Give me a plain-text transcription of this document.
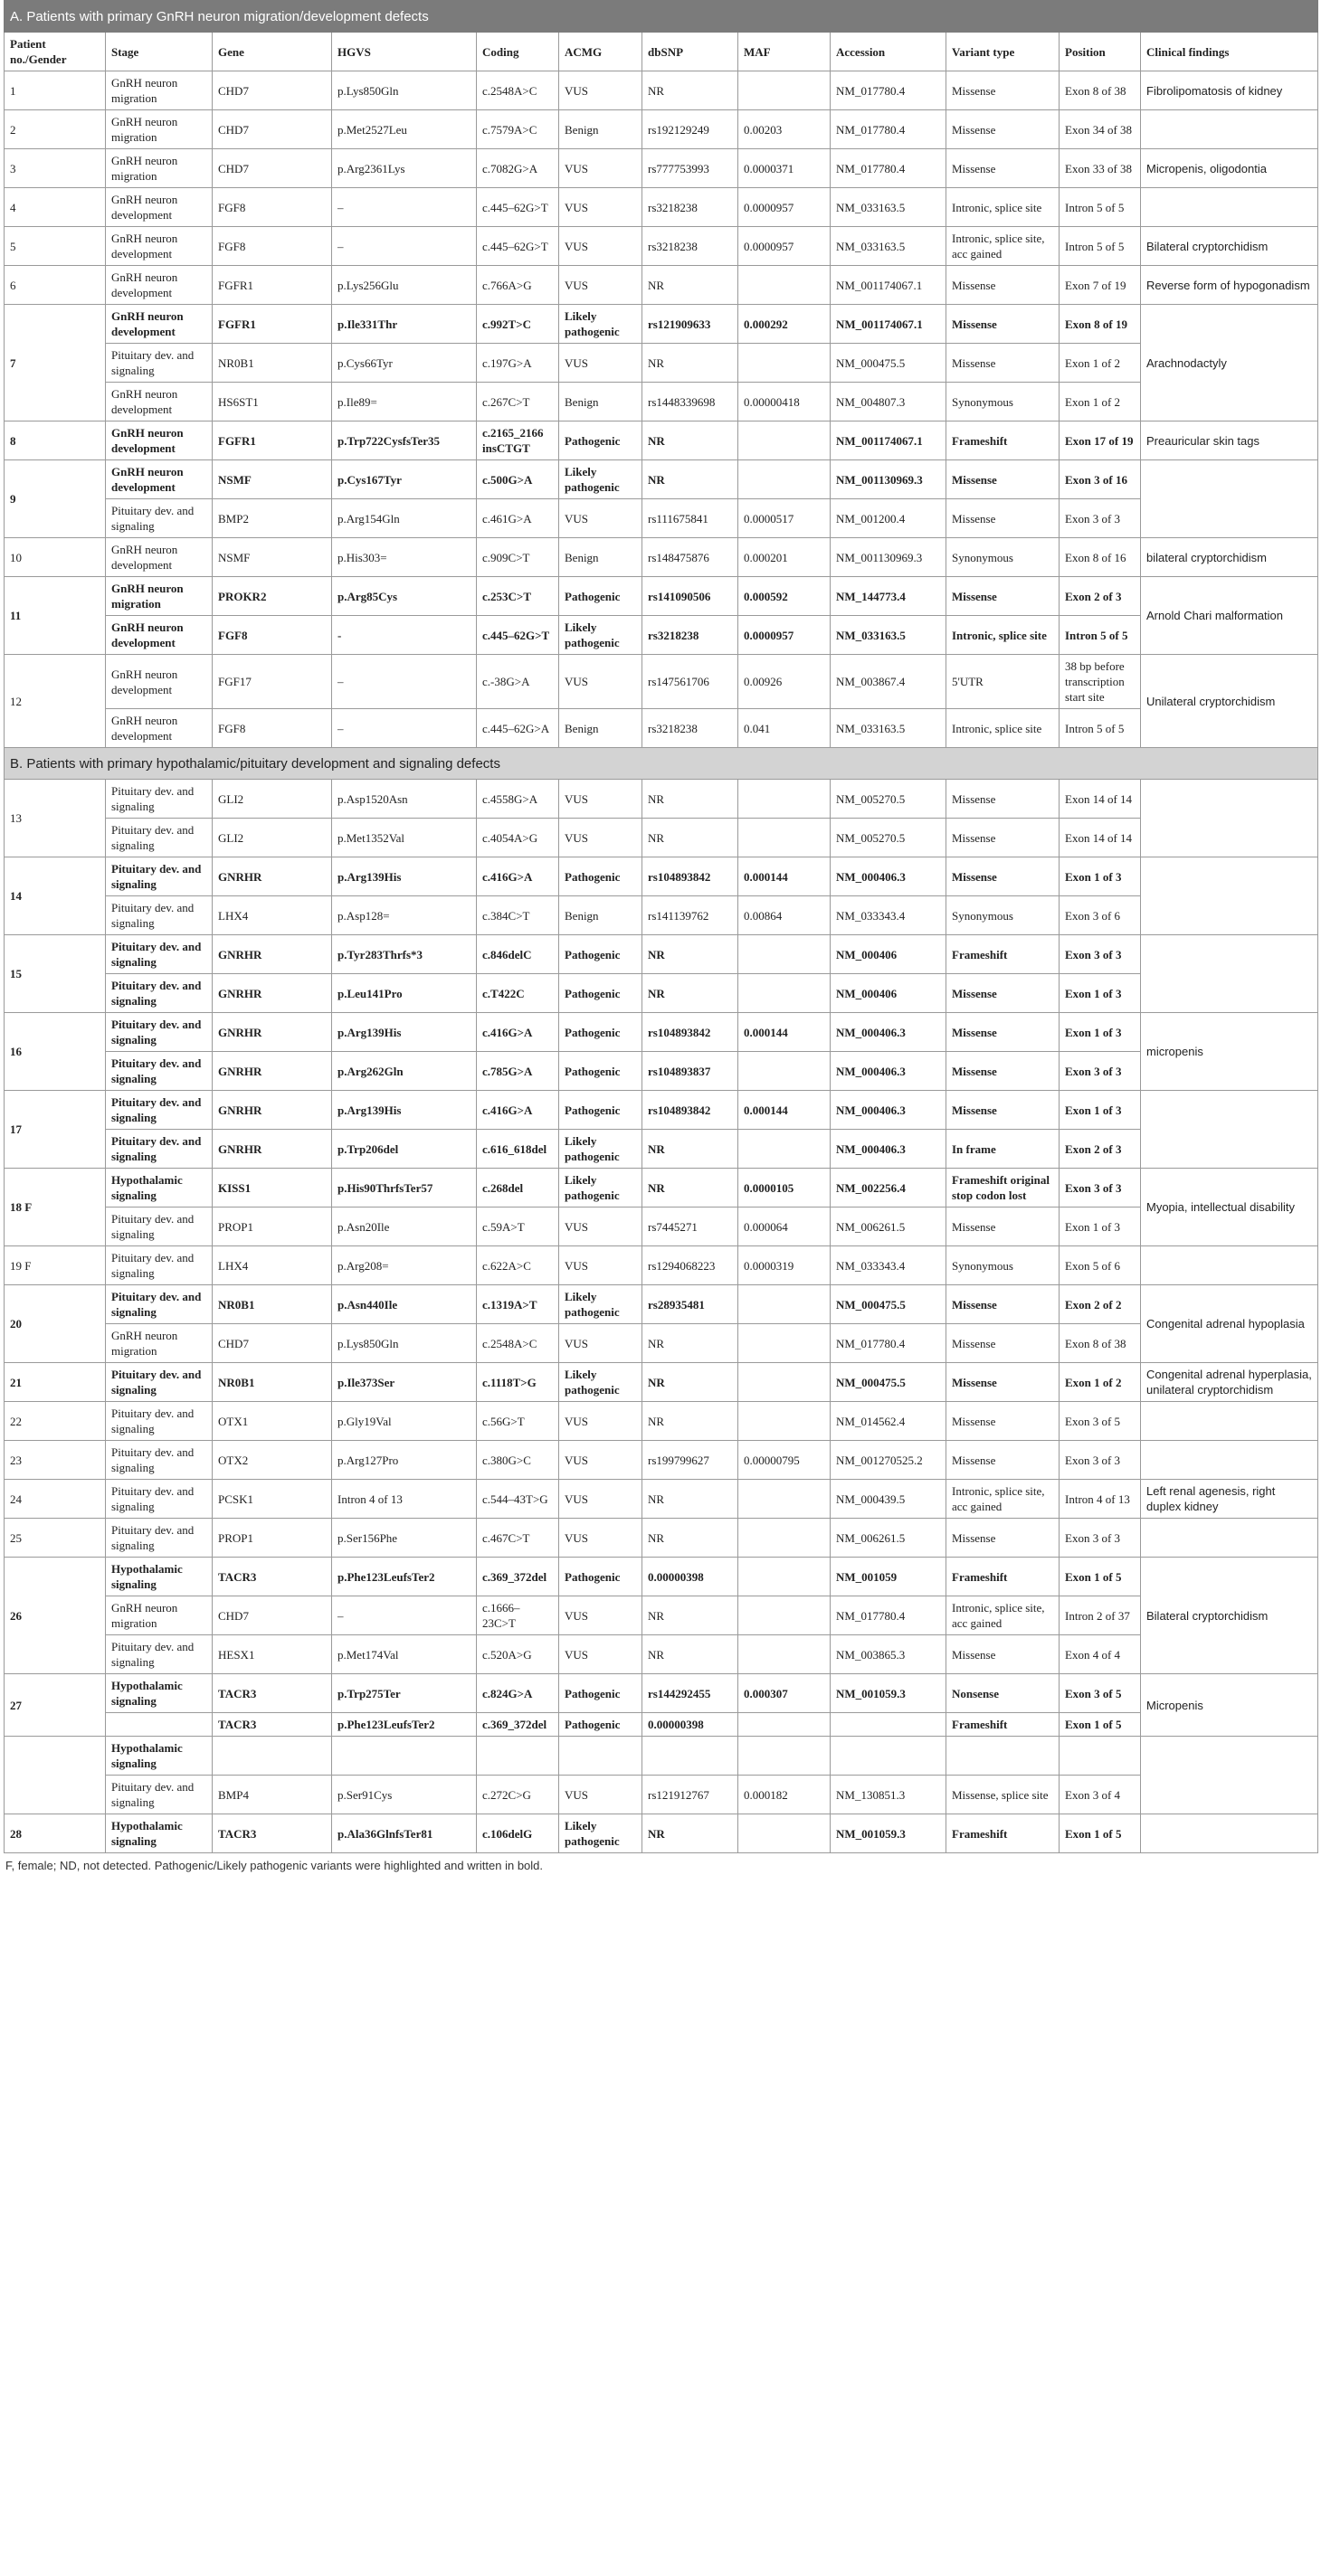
A. Patients with primary GnRH neuron migration/development defects											
Patient no./Gender	Stage	Gene	HGVS	Coding	ACMG	dbSNP	MAF	Accession	Variant type	Position	Clinical findings
1	GnRH neuron migration	CHD7	p.Lys850Gln	c.2548A>C	VUS	NR		NM_017780.4	Missense	Exon 8 of 38	Fibrolipomatosis of kidney
2	GnRH neuron migration	CHD7	p.Met2527Leu	c.7579A>C	Benign	rs192129249	0.00203	NM_017780.4	Missense	Exon 34 of 38	
3	GnRH neuron migration	CHD7	p.Arg2361Lys	c.7082G>A	VUS	rs777753993	0.0000371	NM_017780.4	Missense	Exon 33 of 38	Micropenis, oligodontia
4	GnRH neuron development	FGF8	–	c.445–62G>T	VUS	rs3218238	0.0000957	NM_033163.5	Intronic, splice site	Intron 5 of 5	
5	GnRH neuron development	FGF8	–	c.445–62G>T	VUS	rs3218238	0.0000957	NM_033163.5	Intronic, splice site, acc gained	Intron 5 of 5	Bilateral cryptorchidism
6	GnRH neuron development	FGFR1	p.Lys256Glu	c.766A>G	VUS	NR		NM_001174067.1	Missense	Exon 7 of 19	Reverse form of hypogonadism
7	GnRH neuron development	FGFR1	p.Ile331Thr	c.992T>C	Likely pathogenic	rs121909633	0.000292	NM_001174067.1	Missense	Exon 8 of 19	Arachnodactyly
	Pituitary dev. and signaling	NR0B1	p.Cys66Tyr	c.197G>A	VUS	NR		NM_000475.5	Missense	Exon 1 of 2	
	GnRH neuron development	HS6ST1	p.Ile89=	c.267C>T	Benign	rs1448339698	0.00000418	NM_004807.3	Synonymous	Exon 1 of 2	
8	GnRH neuron development	FGFR1	p.Trp722CysfsTer35	c.2165_2166 insCTGT	Pathogenic	NR		NM_001174067.1	Frameshift	Exon 17 of 19	Preauricular skin tags
9	GnRH neuron development	NSMF	p.Cys167Tyr	c.500G>A	Likely pathogenic	NR		NM_001130969.3	Missense	Exon 3 of 16	
	Pituitary dev. and signaling	BMP2	p.Arg154Gln	c.461G>A	VUS	rs111675841	0.0000517	NM_001200.4	Missense	Exon 3 of 3	
10	GnRH neuron development	NSMF	p.His303=	c.909C>T	Benign	rs148475876	0.000201	NM_001130969.3	Synonymous	Exon 8 of 16	bilateral cryptorchidism
11	GnRH neuron migration	PROKR2	p.Arg85Cys	c.253C>T	Pathogenic	rs141090506	0.000592	NM_144773.4	Missense	Exon 2 of 3	Arnold Chari malformation
	GnRH neuron development	FGF8	-	c.445–62G>T	Likely pathogenic	rs3218238	0.0000957	NM_033163.5	Intronic, splice site	Intron 5 of 5	
12	GnRH neuron development	FGF17	–	c.-38G>A	VUS	rs147561706	0.00926	NM_003867.4	5'UTR	38 bp before transcription start site	Unilateral cryptorchidism
	GnRH neuron development	FGF8	–	c.445–62G>A	Benign	rs3218238	0.041	NM_033163.5	Intronic, splice site	Intron 5 of 5	
B. Patients with primary hypothalamic/pituitary development and signaling defects											
13	Pituitary dev. and signaling	GLI2	p.Asp1520Asn	c.4558G>A	VUS	NR		NM_005270.5	Missense	Exon 14 of 14	
	Pituitary dev. and signaling	GLI2	p.Met1352Val	c.4054A>G	VUS	NR		NM_005270.5	Missense	Exon 14 of 14	
14	Pituitary dev. and signaling	GNRHR	p.Arg139His	c.416G>A	Pathogenic	rs104893842	0.000144	NM_000406.3	Missense	Exon 1 of 3	
	Pituitary dev. and signaling	LHX4	p.Asp128=	c.384C>T	Benign	rs141139762	0.00864	NM_033343.4	Synonymous	Exon 3 of 6	
15	Pituitary dev. and signaling	GNRHR	p.Tyr283Thrfs*3	c.846delC	Pathogenic	NR		NM_000406	Frameshift	Exon 3 of 3	
	Pituitary dev. and signaling	GNRHR	p.Leu141Pro	c.T422C	Pathogenic	NR		NM_000406	Missense	Exon 1 of 3	
16	Pituitary dev. and signaling	GNRHR	p.Arg139His	c.416G>A	Pathogenic	rs104893842	0.000144	NM_000406.3	Missense	Exon 1 of 3	micropenis
	Pituitary dev. and signaling	GNRHR	p.Arg262Gln	c.785G>A	Pathogenic	rs104893837		NM_000406.3	Missense	Exon 3 of 3	
17	Pituitary dev. and signaling	GNRHR	p.Arg139His	c.416G>A	Pathogenic	rs104893842	0.000144	NM_000406.3	Missense	Exon 1 of 3	
	Pituitary dev. and signaling	GNRHR	p.Trp206del	c.616_618del	Likely pathogenic	NR		NM_000406.3	In frame	Exon 2 of 3	
18 F	Hypothalamic signaling	KISS1	p.His90ThrfsTer57	c.268del	Likely pathogenic	NR	0.0000105	NM_002256.4	Frameshift original stop codon lost	Exon 3 of 3	Myopia, intellectual disability
	Pituitary dev. and signaling	PROP1	p.Asn20Ile	c.59A>T	VUS	rs7445271	0.000064	NM_006261.5	Missense	Exon 1 of 3	
19 F	Pituitary dev. and signaling	LHX4	p.Arg208=	c.622A>C	VUS	rs1294068223	0.0000319	NM_033343.4	Synonymous	Exon 5 of 6	
20	Pituitary dev. and signaling	NR0B1	p.Asn440Ile	c.1319A>T	Likely pathogenic	rs28935481		NM_000475.5	Missense	Exon 2 of 2	Congenital adrenal hypoplasia
	GnRH neuron migration	CHD7	p.Lys850Gln	c.2548A>C	VUS	NR		NM_017780.4	Missense	Exon 8 of 38	
21	Pituitary dev. and signaling	NR0B1	p.Ile373Ser	c.1118T>G	Likely pathogenic	NR		NM_000475.5	Missense	Exon 1 of 2	Congenital adrenal hyperplasia, unilateral cryptorchidism
22	Pituitary dev. and signaling	OTX1	p.Gly19Val	c.56G>T	VUS	NR		NM_014562.4	Missense	Exon 3 of 5	
23	Pituitary dev. and signaling	OTX2	p.Arg127Pro	c.380G>C	VUS	rs199799627	0.00000795	NM_001270525.2	Missense	Exon 3 of 3	
24	Pituitary dev. and signaling	PCSK1	Intron 4 of 13	c.544–43T>G	VUS	NR		NM_000439.5	Intronic, splice site, acc gained	Intron 4 of 13	Left renal agenesis, right duplex kidney
25	Pituitary dev. and signaling	PROP1	p.Ser156Phe	c.467C>T	VUS	NR		NM_006261.5	Missense	Exon 3 of 3	
26	Hypothalamic signaling	TACR3	p.Phe123LeufsTer2	c.369_372del	Pathogenic	0.00000398		NM_001059	Frameshift	Exon 1 of 5	Bilateral cryptorchidism
	GnRH neuron migration	CHD7	–	c.1666–23C>T	VUS	NR		NM_017780.4	Intronic, splice site, acc gained	Intron 2 of 37	
	Pituitary dev. and signaling	HESX1	p.Met174Val	c.520A>G	VUS	NR		NM_003865.3	Missense	Exon 4 of 4	
27	Hypothalamic signaling	TACR3	p.Trp275Ter	c.824G>A	Pathogenic	rs144292455	0.000307	NM_001059.3	Nonsense	Exon 3 of 5	Micropenis
		TACR3	p.Phe123LeufsTer2	c.369_372del	Pathogenic	0.00000398			Frameshift	Exon 1 of 5	
	Hypothalamic signaling										
	Pituitary dev. and signaling	BMP4	p.Ser91Cys	c.272C>G	VUS	rs121912767	0.000182	NM_130851.3	Missense, splice site	Exon 3 of 4	
28	Hypothalamic signaling	TACR3	p.Ala36GlnfsTer81	c.106delG	Likely pathogenic	NR		NM_001059.3	Frameshift	Exon 1 of 5	
F, female; ND, not detected. Pathogenic/Likely pathogenic variants were highlighted and written in bold.
